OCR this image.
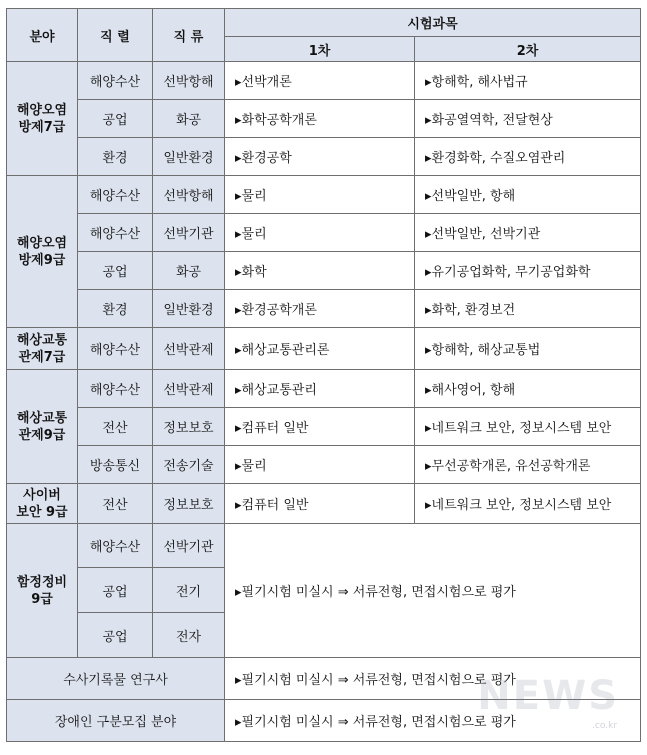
분야	직 렬	직 류	시험과목	
			1차	2차
해양오염
방제7급	해양수산	선박항해	▸선박개론	▸항해학, 해사법규
	공업	화공	▸화학공학개론	▸화공열역학, 전달현상
	환경	일반환경	▸환경공학	▸환경화학, 수질오염관리
해양오염
방제9급	해양수산	선박항해	▸물리	▸선박일반, 항해
	해양수산	선박기관	▸물리	▸선박일반, 선박기관
	공업	화공	▸화학	▸유기공업화학, 무기공업화학
	환경	일반환경	▸환경공학개론	▸화학, 환경보건
해상교통
관제7급	해양수산	선박관제	▸해상교통관리론	▸항해학, 해상교통법
해상교통
관제9급	해양수산	선박관제	▸해상교통관리	▸해사영어, 항해
	전산	정보보호	▸컴퓨터 일반	▸네트워크 보안, 정보시스템 보안
	방송통신	전송기술	▸물리	▸무선공학개론, 유선공학개론
사이버
보안 9급	전산	정보보호	▸컴퓨터 일반	▸네트워크 보안, 정보시스템 보안
함정정비
9급	해양수산	선박기관	▸필기시험 미실시 ⇒ 서류전형, 면접시험으로 평가	
	공업	전기		
	공업	전자		
수사기록물 연구사			▸필기시험 미실시 ⇒ 서류전형, 면접시험으로 평가	
장애인 구분모집 분야			▸필기시험 미실시 ⇒ 서류전형, 면접시험으로 평가	
NEWS
.co.kr
